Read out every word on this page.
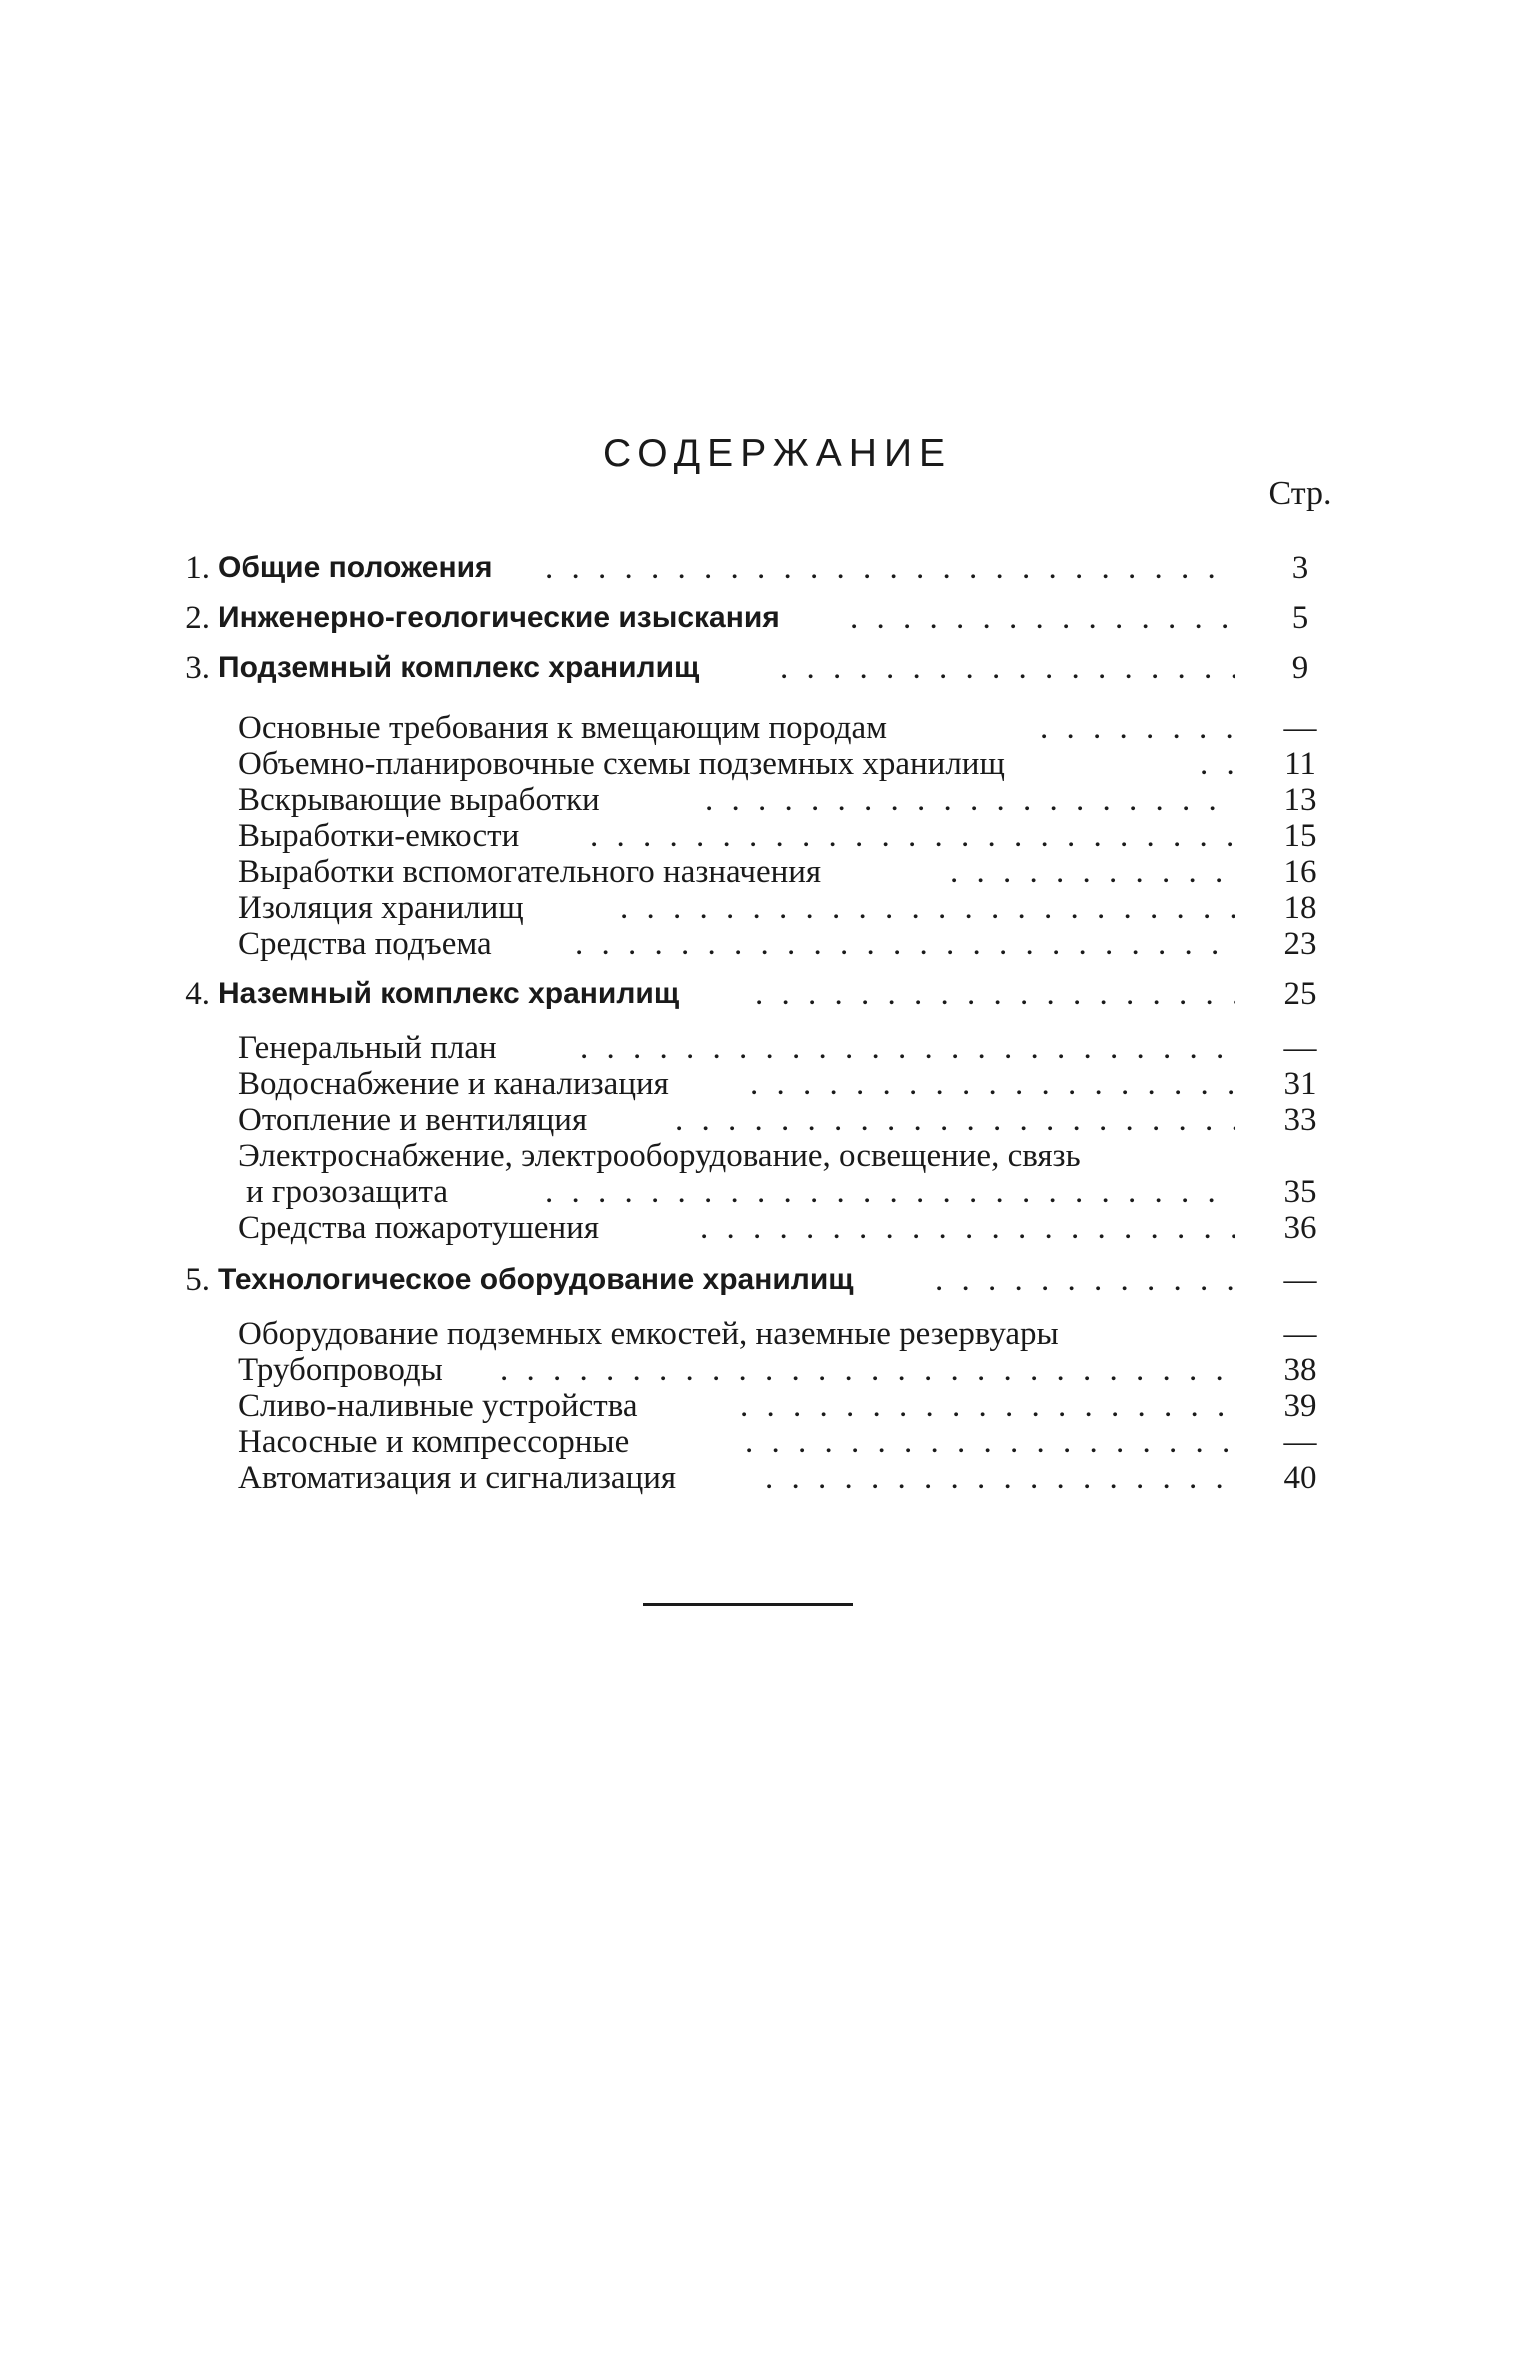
СОДЕРЖАНИЕ
Стр.
1. Общие положения . . .	3
2. Инженерно-геологические изыскания . . .	5
3. Подземный комплекс хранилищ . . .	9
Основные требования к вмещающим породам . . .	—
Объемно-планировочные схемы подземных хранилищ . . .	11
Вскрывающие выработки . . .	13
Выработки-емкости . . .	15
Выработки вспомогательного назначения . . .	16
Изоляция хранилищ . . .	18
Средства подъема . . .	23
4. Наземный комплекс хранилищ . . .	25
Генеральный план . . .	—
Водоснабжение и канализация . . .	31
Отопление и вентиляция . . .	33
Электроснабжение, электрооборудование, освещение, связь
и грозозащита . . .	35
Средства пожаротушения . . .	36
5. Технологическое оборудование хранилищ . . .	—
Оборудование подземных емкостей, наземные резервуары	—
Трубопроводы . . .	38
Сливо-наливные устройства . . .	39
Насосные и компрессорные . . .	—
Автоматизация и сигнализация . . .	40
